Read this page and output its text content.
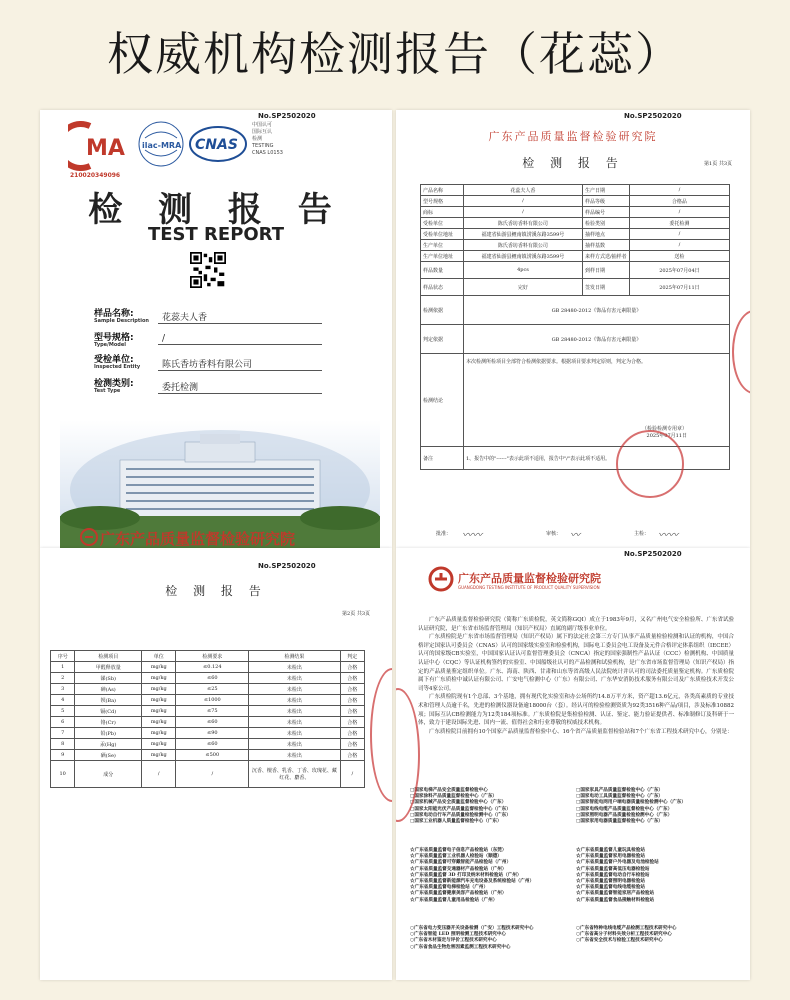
权威机构检测报告（花蕊）
No.SP2502020
MA
210020349096
ilac-MRA CNAS
中国认可
国际互认
检测
TESTING
CNAS L0153
检 测 报 告
TEST REPORT
样品名称:
Sample Description	花蕊夫人香
型号规格:
Type/Model
/
受检单位:
Inspected Entity	陈氏香坊香料有限公司
检测类别:
Test Type	委托检测
广东产品质量监督检验研究院
No.SP2502020
广东产品质量监督检验研究院
检 测 报 告	第1页 共3页
产品名称	花蕊夫人香	生产日期	/
型号规格	/	样品等级	合格品
商标	/	样品编号	/
受检单位	陈氏香坊香料有限公司	检验类别	委托检测
受检单位地址	福建省仙游县鲤南镇涝溪东路3599号	抽样地点	/
生产单位	陈氏香坊香料有限公司	抽样基数	/
生产单位地址	福建省仙游县鲤南镇涝溪东路3599号	来样方式送/抽样者	送检
样品数量	4pcs	到样日期	2025年07月04日
样品状态	完好	签发日期	2025年07月11日
检测依据	GB 28480-2012《饰品有害元素限量》		
判定依据	GB 28480-2012《饰品有害元素限量》		
检测结论	本次检测所检项目全部符合检测依据要求。根据项目要求判定原则，判定为合格。
（检验检测专用章）
2025年07月11日		

备注	1、报告中的"------"表示此项不适用，报告中"/"表示此项不适用。		
批准： 〰〰	审核： 〰	主检： 〰〰
No.SP2502020
检 测 报 告
第2页 共3页
序号	检测项目	单位	检测要求	检测结果	判定
1	甲醛释放量	mg/kg	≤0.124	未检出	合格
2	锑(Sb)	mg/kg	≤60	未检出	合格
3	砷(As)	mg/kg	≤25	未检出	合格
4	钡(Ba)	mg/kg	≤1000	未检出	合格
5	镉(Cd)	mg/kg	≤75	未检出	合格
6	铬(Cr)	mg/kg	≤60	未检出	合格
7	铅(Pb)	mg/kg	≤90	未检出	合格
8	汞(Hg)	mg/kg	≤60	未检出	合格
9	硒(Se)	mg/kg	≤500	未检出	合格
10	成分	/	/	沉香、檀香、乳香、丁香、玫瑰花、藏红花、麝香、	/
No.SP2502020
广东产品质量监督检验研究院
GUANGDONG TESTING INSTITUTE OF PRODUCT QUALITY SUPERVISION
广东产品质量监督检验研究院（简称广东质检院，英文简称GQI）成立于1983年9月，又名广州电气安全检验所、广东省试验认证研究院，是广东省市场监督管理局（知识产权局）直属的副厅级事业单位。
广东质检院是广东省市场监督管理局（知识产权局）属下的法定社会第三方专门从事产品质量检验检测和认证的机构，中国合格评定国家认可委员会（CNAS）认可的国家级实验室和检验机构，国际电工委员会电工设备及元件合格评定体系组织（IECEE）认可的国家级CB实验室，中国国家认证认可监督管理委员会（CNCA）指定的国家强制性产品认证（CCC）检测机构、中国质量认证中心（CQC）等认证机构签约的实验室、中国船级社认可的产品检测和试验机构，是广东省市场监督管理局（知识产权局）指定的产品质量鉴定组织单位。广东、海南、陕西、甘肃和山东等省高级人民法院统计并认可的司法委托质量鉴定机构。广东质检院属下有广东质检中诚认证有限公司、广安电气检测中心（广东）有限公司、广东华安消防技术服务有限公司及广东质检技术开发公司等4家公司。
广东质检院现有1个总部、3个基地，拥有现代化实验室和办公场所约14.8万平方米，资产超13.6亿元，各类高素质的专业技术和管理人员逾千名，先进的检测仪器设备逾18000台（套）。经认可的检验检测资质为92类3516种产品/项目，涉及标准10882项；国际互认CB检测能力为12类184项标准。广东质检院是集检验检测、认证、鉴定、能力验证提供者、标准制修订及科研于一体，致力于建设国际先进、国内一流、值得社会和行业尊敬的权威技术机构。
广东质检院目前拥有10个国家产品质量监督检验中心、16个省产品质量监督检验站和7个广东省工程技术研究中心，分别是：
□国家电梯产品安全质量监督检验中心
□国家涂料产品质量监督检验中心（广东）
□国家机械产品安全质量监督检验中心（广东）
□国家太阳能光伏产品质量监督检验中心（广东）
□国家电动自行车产品质量检验检测中心（广东）
□国家工业机器人质量监督检验中心（广东）
□国家家具产品质量监督检验中心（广东）
□国家电动工具质量监督检验中心（广东）
□国家智能电网用户端电器质量检验检测中心（广东）
□国家电线电缆产品质量监督检验中心（广东）
□国家照明电器产品质量检验检测中心（广东）
□国家家用电器质量监督检验中心（广东）
☆广东省质量监督电子信息产品检验站（东莞）
☆广东省质量监督工业机器人检验站（顺德）
☆广东省质量监督可穿戴智能产品检验站（广州）
☆广东省质量监督交通器材产品检验站（广州）
☆广东省质量监督 3D 打印及纳米材料检验站（广州）
☆广东省质量监督新能源汽车充电设备及系统检验站（广州）
☆广东省质量监督电梯检验站（广州）
☆广东省质量监督健康美容产品检验站（广州）
☆广东省质量监督儿童用品检验站（广州）
☆广东省质量监督儿童玩具检验站
☆广东省质量监督家用电器检验站
☆广东省质量监督户外电器及电池检验站
☆广东省质量监督高低压电器检验站
☆广东省质量监督电动自行车检验站
☆广东省质量监督照明电器检验站
☆广东省质量监督电线电缆检验站
☆广东省质量监督智能家居产品检验站
☆广东省质量监督食品接触材料检验站
○广东省电力变压器开关设备检测（广安）工程技术研究中心
○广东省智能 LED 照明检测工程技术研究中心
○广东省木材鉴定与评价工程技术研究中心
○广东省食品生物危害因素监测工程技术研究中心
○广东省特种电线电缆产品检测工程技术研究中心
○广东省高分子材料失效分析工程技术研究中心
○广东省安全技术与检验工程技术研究中心
